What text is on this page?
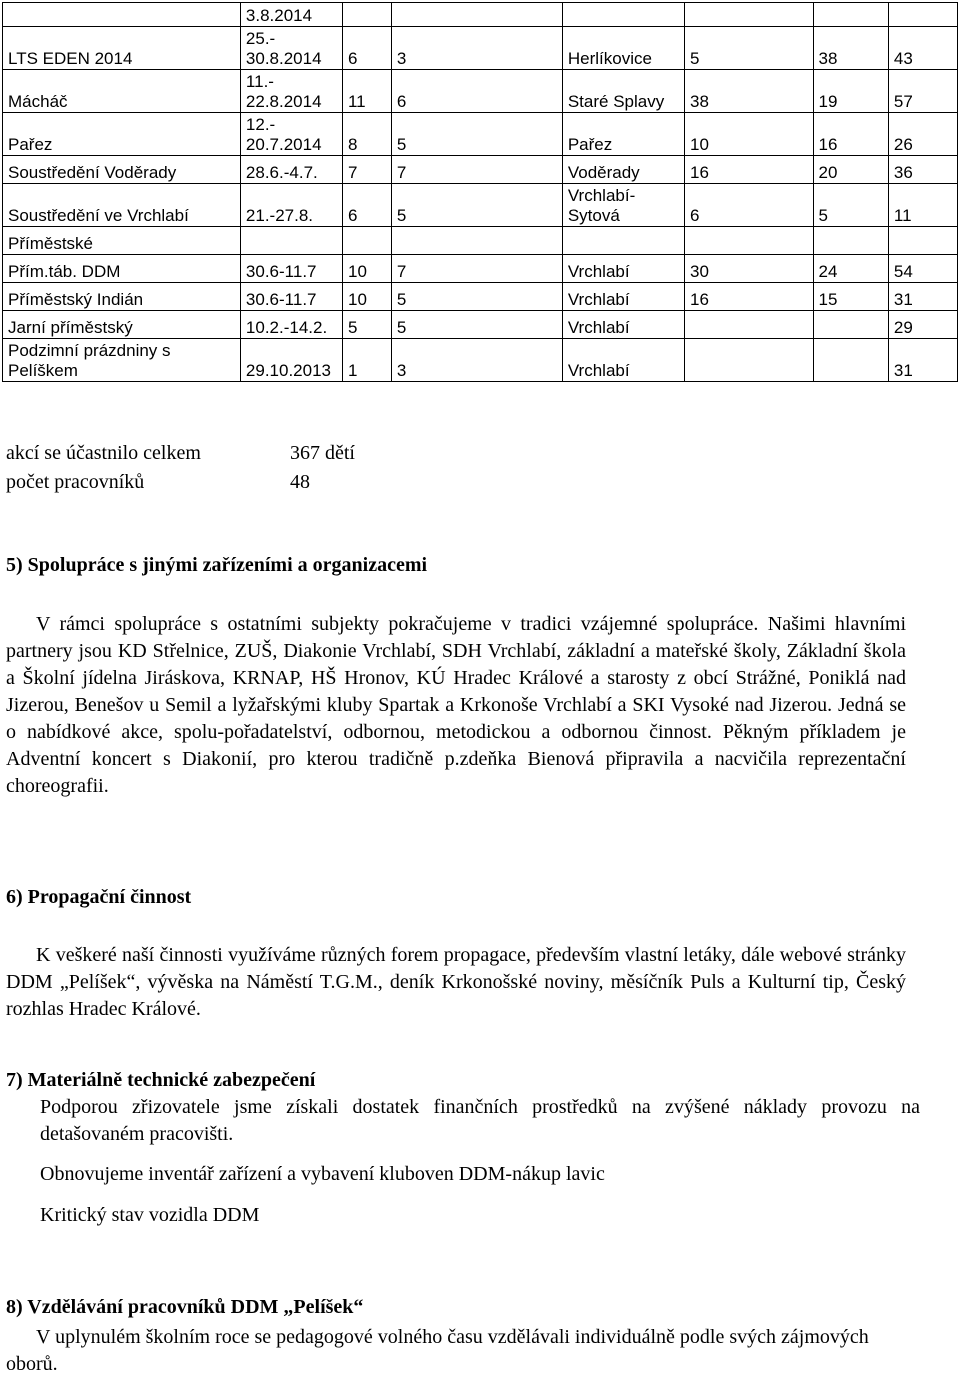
	3.8.2014						
LTS EDEN 2014	25.- 30.8.2014	6	3	Herlíkovice	5	38	43
Mácháč	11.- 22.8.2014	11	6	Staré Splavy	38	19	57
Pařez	12.- 20.7.2014	8	5	Pařez	10	16	26
Soustředění Voděrady	28.6.-4.7.	7	7	Voděrady	16	20	36
Soustředění ve Vrchlabí	21.-27.8.	6	5	Vrchlabí- Sytová	6	5	11
Příměstské							
Přím.táb. DDM	30.6-11.7	10	7	Vrchlabí	30	24	54
Příměstský Indián	30.6-11.7	10	5	Vrchlabí	16	15	31
Jarní příměstský	10.2.-14.2.	5	5	Vrchlabí			29
Podzimní prázdniny s Pelíškem	29.10.2013	1	3	Vrchlabí			31
akcí se účastnilo celkem	367 dětí
počet pracovníků	48
5) Spolupráce s jinými zařízeními a organizacemi
V rámci spolupráce s ostatními subjekty pokračujeme v tradici vzájemné spolupráce. Našimi hlavními partnery jsou KD Střelnice, ZUŠ, Diakonie Vrchlabí, SDH Vrchlabí, základní a mateřské školy, Základní škola a Školní jídelna Jiráskova, KRNAP, HŠ Hronov, KÚ Hradec Králové a starosty z obcí Strážné, Poniklá nad Jizerou, Benešov u Semil a lyžařskými kluby Spartak a Krkonoše Vrchlabí a SKI Vysoké nad Jizerou. Jedná se o nabídkové akce, spolu-pořadatelství, odbornou, metodickou a odbornou činnost. Pěkným příkladem je Adventní koncert s Diakonií, pro kterou tradičně p.zdeňka Bienová připravila a nacvičila reprezentační choreografii.
6) Propagační činnost
K veškeré naší činnosti využíváme různých forem propagace, především vlastní letáky, dále webové stránky DDM „Pelíšek“, vývěska na Náměstí T.G.M., deník Krkonošské noviny, měsíčník Puls a Kulturní tip, Český rozhlas Hradec Králové.
7) Materiálně technické zabezpečení
Podporou zřizovatele jsme získali dostatek finančních prostředků na zvýšené náklady provozu na detašovaném pracovišti.
Obnovujeme inventář zařízení a vybavení kluboven DDM-nákup lavic
Kritický stav vozidla DDM
8) Vzdělávání pracovníků DDM „Pelíšek“
V uplynulém školním roce se pedagogové volného času vzdělávali individuálně podle svých zájmových oborů.
